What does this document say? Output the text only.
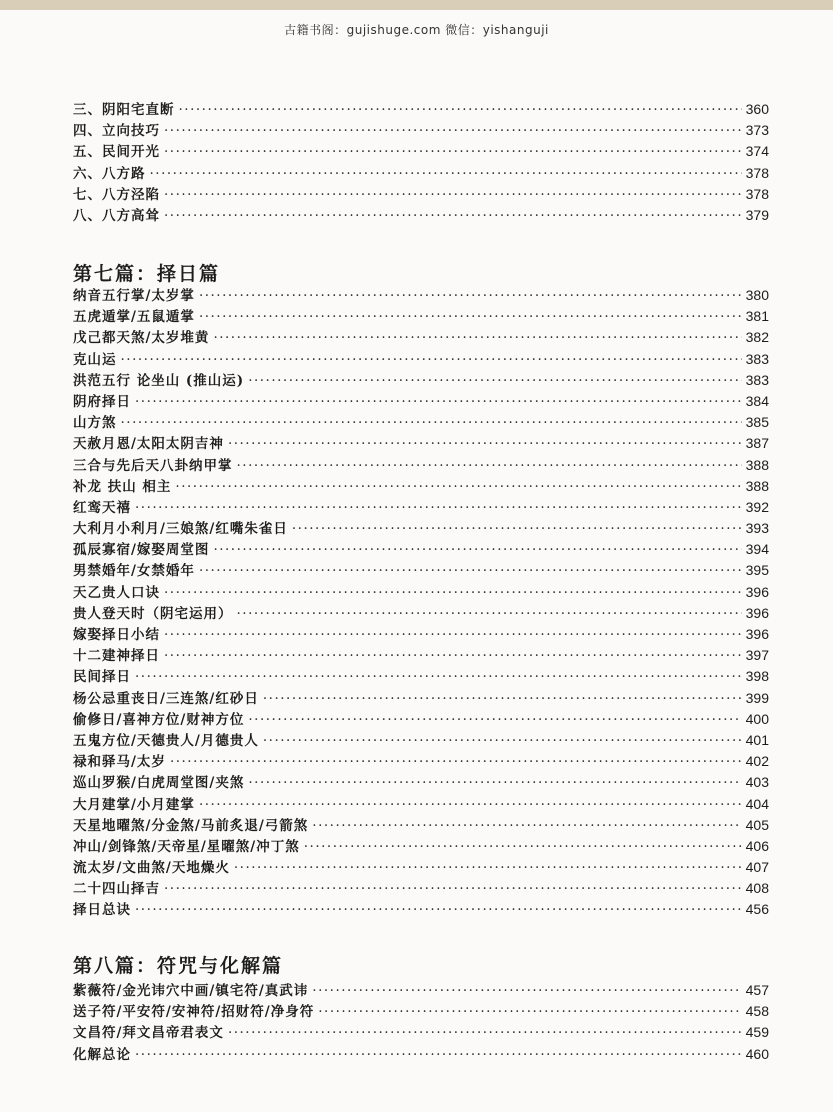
古籍书阁：gujishuge.com 微信：yishanguji
三、阴阳宅直断 ·····	360
四、立向技巧 ·····	373
五、民间开光 ·····	374
六、八方路 ·····	378
七、八方泾陷 ·····	378
八、八方高耸 ·····	379
第七篇：择日篇
纳音五行掌/太岁掌 ·····	380
五虎遁掌/五鼠遁掌 ·····	381
戊己都天煞/太岁堆黄 ·····	382
克山运 ·····	383
洪范五行 论坐山 (推山运) ·····	383
阴府择日 ·····	384
山方煞 ·····	385
天赦月恩/太阳太阴吉神 ·····	387
三合与先后天八卦纳甲掌 ·····	388
补龙 扶山 相主 ·····	388
红鸾天禧 ·····	392
大利月小利月/三娘煞/红嘴朱雀日 ·····	393
孤辰寡宿/嫁娶周堂图 ·····	394
男禁婚年/女禁婚年 ·····	395
天乙贵人口诀 ·····	396
贵人登天时（阴宅运用） ·····	396
嫁娶择日小结 ·····	396
十二建神择日 ·····	397
民间择日 ·····	398
杨公忌重丧日/三连煞/红砂日 ·····	399
偷修日/喜神方位/财神方位 ·····	400
五鬼方位/天德贵人/月德贵人 ·····	401
禄和驿马/太岁 ·····	402
巡山罗猴/白虎周堂图/夹煞 ·····	403
大月建掌/小月建掌 ·····	404
天星地曜煞/分金煞/马前炙退/弓箭煞 ·····	405
冲山/剑锋煞/天帝星/星曜煞/冲丁煞 ·····	406
流太岁/文曲煞/天地燥火 ·····	407
二十四山择吉 ·····	408
择日总诀 ·····	456
第八篇：符咒与化解篇
紫薇符/金光讳穴中画/镇宅符/真武讳 ·····	457
送子符/平安符/安神符/招财符/净身符 ·····	458
文昌符/拜文昌帝君表文 ·····	459
化解总论 ·····	460
